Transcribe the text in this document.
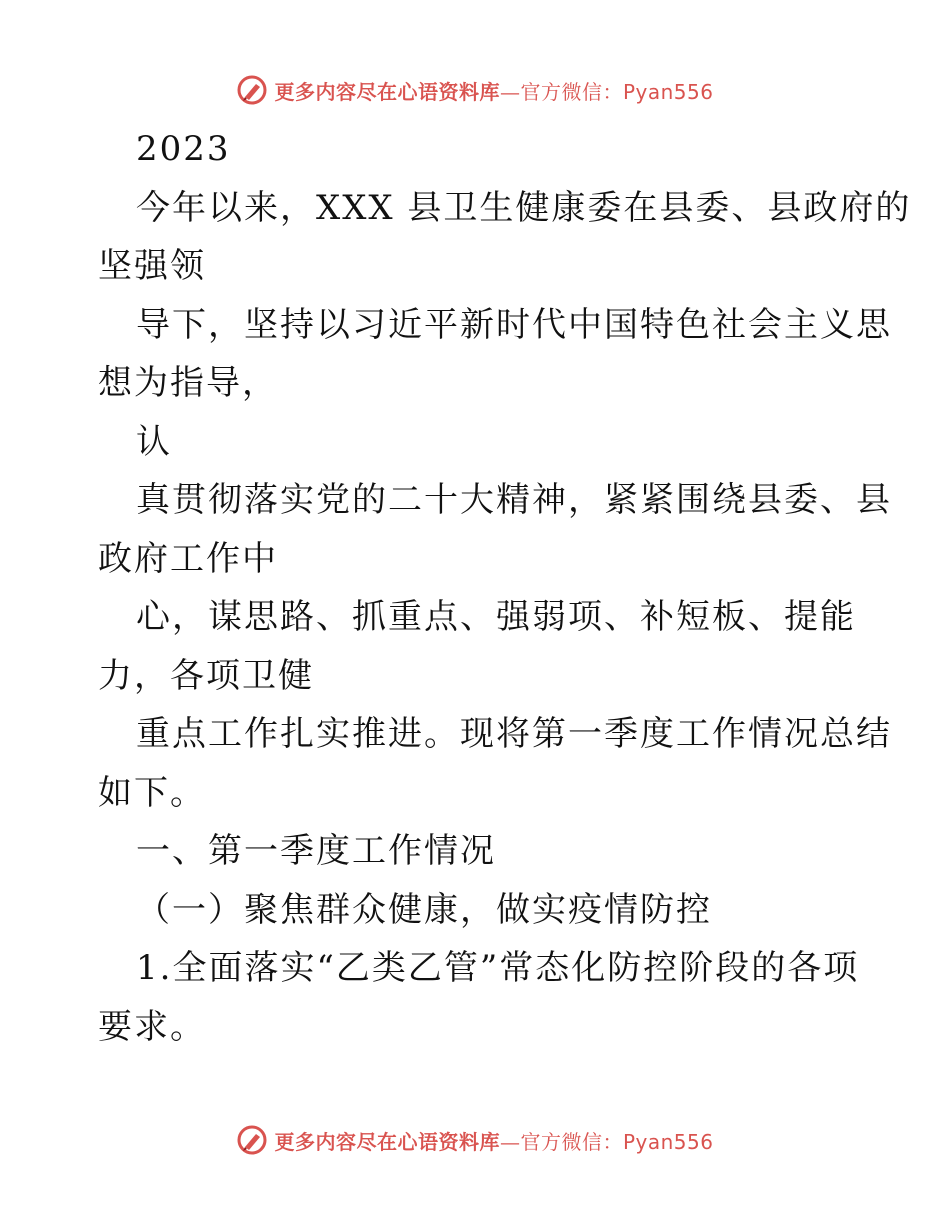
更多内容尽在心语资料库—官方微信：Pyan556
2023
今年以来，XXX 县卫生健康委在县委、县政府的
坚强领
导下，坚持以习近平新时代中国特色社会主义思
想为指导，
认
真贯彻落实党的二十大精神，紧紧围绕县委、县
政府工作中
心，谋思路、抓重点、强弱项、补短板、提能
力，各项卫健
重点工作扎实推进。现将第一季度工作情况总结
如下。
一、第一季度工作情况
（一）聚焦群众健康，做实疫情防控
1.全面落实“乙类乙管”常态化防控阶段的各项
要求。
更多内容尽在心语资料库—官方微信：Pyan556
